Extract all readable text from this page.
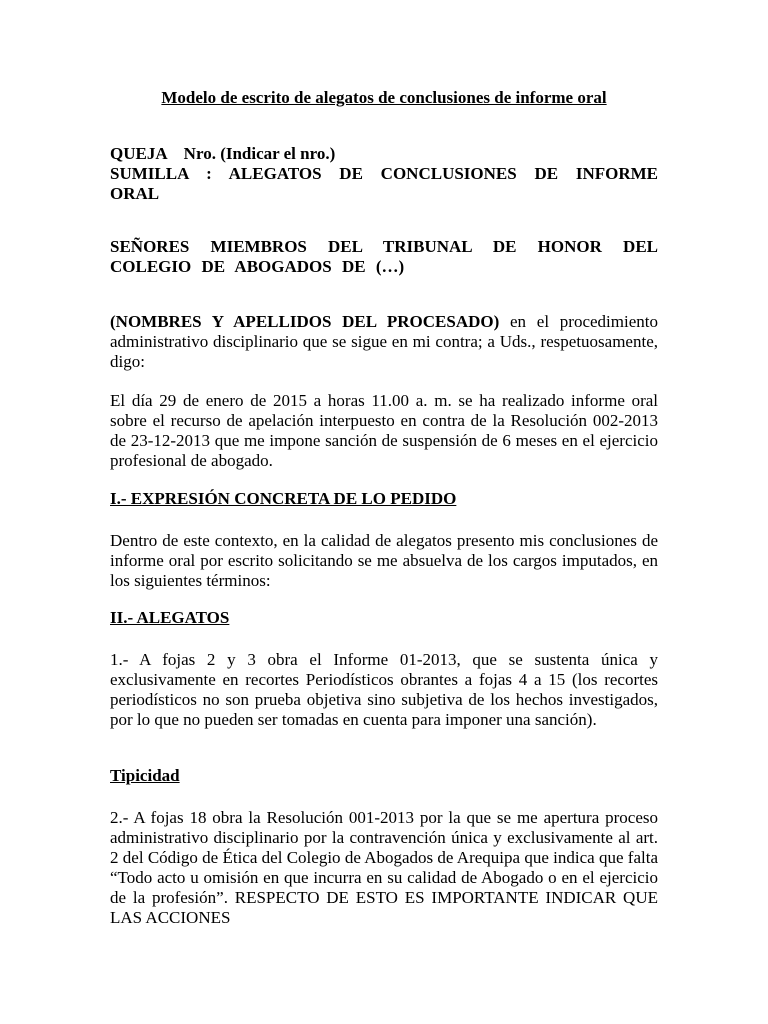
Modelo de escrito de alegatos de conclusiones de informe oral

QUEJA    Nro. (Indicar el nro.)

SUMILLA : ALEGATOS DE CONCLUSIONES DE INFORME ORAL

SEÑORES MIEMBROS DEL TRIBUNAL DE HONOR DEL COLEGIO DE ABOGADOS DE (…)

(NOMBRES Y APELLIDOS DEL PROCESADO) en el procedimiento administrativo disciplinario que se sigue en mi contra; a Uds., respetuosamente, digo:

El día 29 de enero de 2015 a horas 11.00 a. m. se ha realizado informe oral sobre el recurso de apelación interpuesto en contra de la Resolución 002-2013 de 23-12-2013 que me impone sanción de suspensión de 6 meses en el ejercicio profesional de abogado.

I.- EXPRESIÓN CONCRETA DE LO PEDIDO

Dentro de este contexto, en la calidad de alegatos presento mis conclusiones de informe oral por escrito solicitando se me absuelva de los cargos imputados, en los siguientes términos:

II.- ALEGATOS

1.- A fojas 2 y 3 obra el Informe 01-2013, que se sustenta única y exclusivamente en recortes Periodísticos obrantes a fojas 4 a 15 (los recortes periodísticos no son prueba objetiva sino subjetiva de los hechos investigados, por lo que no pueden ser tomadas en cuenta para imponer una sanción).

Tipicidad

2.- A fojas 18 obra la Resolución 001-2013 por la que se me apertura proceso administrativo disciplinario por la contravención única y exclusivamente al art. 2 del Código de Ética del Colegio de Abogados de Arequipa que indica que falta “Todo acto u omisión en que incurra en su calidad de Abogado o en el ejercicio de la profesión”. RESPECTO DE ESTO ES IMPORTANTE INDICAR QUE LAS ACCIONES
